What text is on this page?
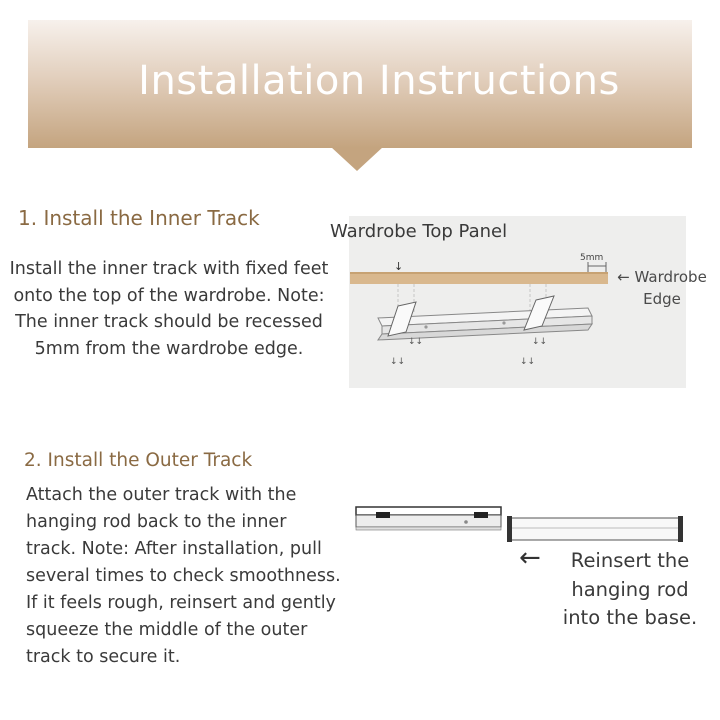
Installation Instructions
1. Install the Inner Track
Install the inner track with fixed feet onto the top of the wardrobe. Note: The inner track should be recessed 5mm from the wardrobe edge.
↓
5mm
↓↓	↓↓
↓↓	↓↓
Wardrobe Top Panel
← Wardrobe
Edge
2. Install the Outer Track
Attach the outer track with the hanging rod back to the inner track. Note: After installation, pull several times to check smoothness. If it feels rough, reinsert and gently squeeze the middle of the outer track to secure it.
←	Reinsert the
hanging rod
into the base.
